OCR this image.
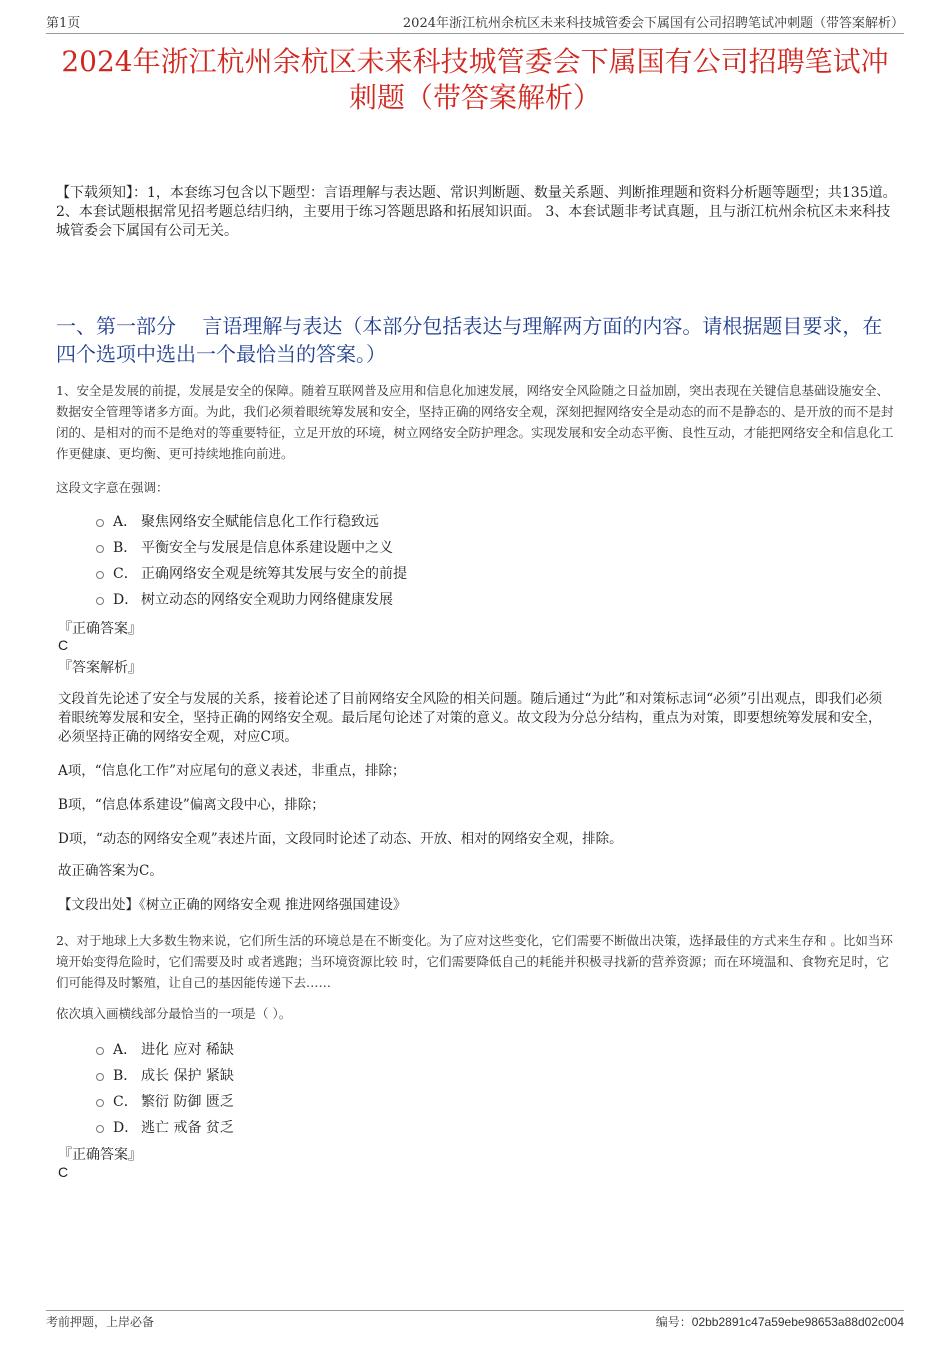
第1页	2024年浙江杭州余杭区未来科技城管委会下属国有公司招聘笔试冲刺题（带答案解析）
2024年浙江杭州余杭区未来科技城管委会下属国有公司招聘笔试冲刺题（带答案解析）
【下载须知】：1，本套练习包含以下题型：言语理解与表达题、常识判断题、数量关系题、判断推理题和资料分析题等题型；共135道。 2、本套试题根据常见招考题总结归纳，主要用于练习答题思路和拓展知识面。 3、本套试题非考试真题，且与浙江杭州余杭区未来科技城管委会下属国有公司无关。
一、第一部分　 言语理解与表达（本部分包括表达与理解两方面的内容。请根据题目要求，在四个选项中选出一个最恰当的答案。）
1、安全是发展的前提，发展是安全的保障。随着互联网普及应用和信息化加速发展，网络安全风险随之日益加剧，突出表现在关键信息基础设施安全、数据安全管理等诸多方面。为此，我们必须着眼统筹发展和安全，坚持正确的网络安全观，深刻把握网络安全是动态的而不是静态的、是开放的而不是封闭的、是相对的而不是绝对的等重要特征，立足开放的环境，树立网络安全防护理念。实现发展和安全动态平衡、良性互动，才能把网络安全和信息化工作更健康、更均衡、更可持续地推向前进。
这段文字意在强调：
A． 聚焦网络安全赋能信息化工作行稳致远
B． 平衡安全与发展是信息体系建设题中之义
C． 正确网络安全观是统筹其发展与安全的前提
D． 树立动态的网络安全观助力网络健康发展
『正确答案』
C
『答案解析』
文段首先论述了安全与发展的关系，接着论述了目前网络安全风险的相关问题。随后通过“为此”和对策标志词“必须”引出观点，即我们必须着眼统筹发展和安全，坚持正确的网络安全观。最后尾句论述了对策的意义。故文段为分总分结构，重点为对策，即要想统筹发展和安全，必须坚持正确的网络安全观，对应C项。
A项，“信息化工作”对应尾句的意义表述，非重点，排除；
B项，“信息体系建设”偏离文段中心，排除；
D项，“动态的网络安全观”表述片面，文段同时论述了动态、开放、相对的网络安全观，排除。
故正确答案为C。
【文段出处】《树立正确的网络安全观 推进网络强国建设》
2、对于地球上大多数生物来说，它们所生活的环境总是在不断变化。为了应对这些变化，它们需要不断做出决策，选择最佳的方式来生存和 。比如当环境开始变得危险时，它们需要及时 或者逃跑；当环境资源比较 时，它们需要降低自己的耗能并积极寻找新的营养资源；而在环境温和、食物充足时，它们可能得及时繁殖，让自己的基因能传递下去……
依次填入画横线部分最恰当的一项是（ ）。
A． 进化 应对 稀缺
B． 成长 保护 紧缺
C． 繁衍 防御 匮乏
D． 逃亡 戒备 贫乏
『正确答案』
C
考前押题，上岸必备	编号：02bb2891c47a59ebe98653a88d02c004
